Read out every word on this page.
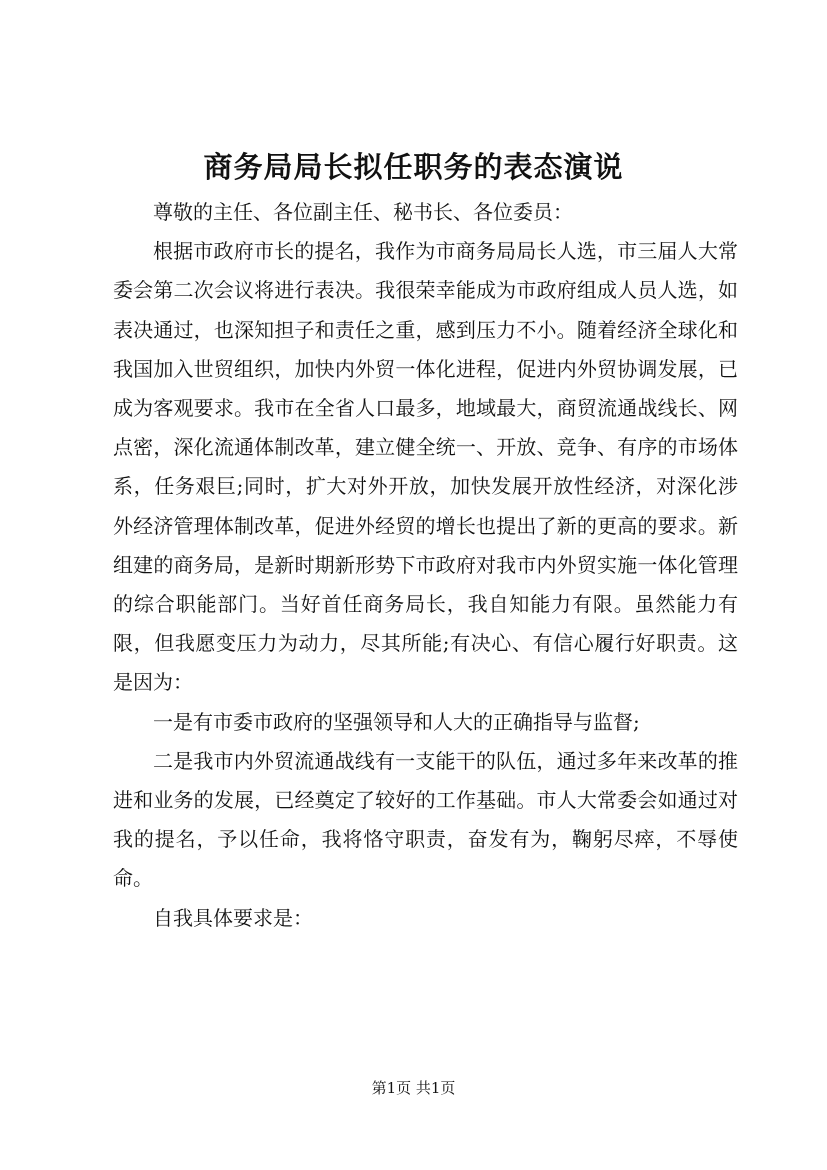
商务局局长拟任职务的表态演说

尊敬的主任、各位副主任、秘书长、各位委员：

根据市政府市长的提名，我作为市商务局局长人选，市三届人大常委会第二次会议将进行表决。我很荣幸能成为市政府组成人员人选，如表决通过，也深知担子和责任之重，感到压力不小。随着经济全球化和我国加入世贸组织，加快内外贸一体化进程，促进内外贸协调发展，已成为客观要求。我市在全省人口最多，地域最大，商贸流通战线长、网点密，深化流通体制改革，建立健全统一、开放、竞争、有序的市场体系，任务艰巨;同时，扩大对外开放，加快发展开放性经济，对深化涉外经济管理体制改革，促进外经贸的增长也提出了新的更高的要求。新组建的商务局，是新时期新形势下市政府对我市内外贸实施一体化管理的综合职能部门。当好首任商务局长，我自知能力有限。虽然能力有限，但我愿变压力为动力，尽其所能;有决心、有信心履行好职责。这是因为：

一是有市委市政府的坚强领导和人大的正确指导与监督;

二是我市内外贸流通战线有一支能干的队伍，通过多年来改革的推进和业务的发展，已经奠定了较好的工作基础。市人大常委会如通过对我的提名，予以任命，我将恪守职责，奋发有为，鞠躬尽瘁，不辱使命。

自我具体要求是：

第1页 共1页
